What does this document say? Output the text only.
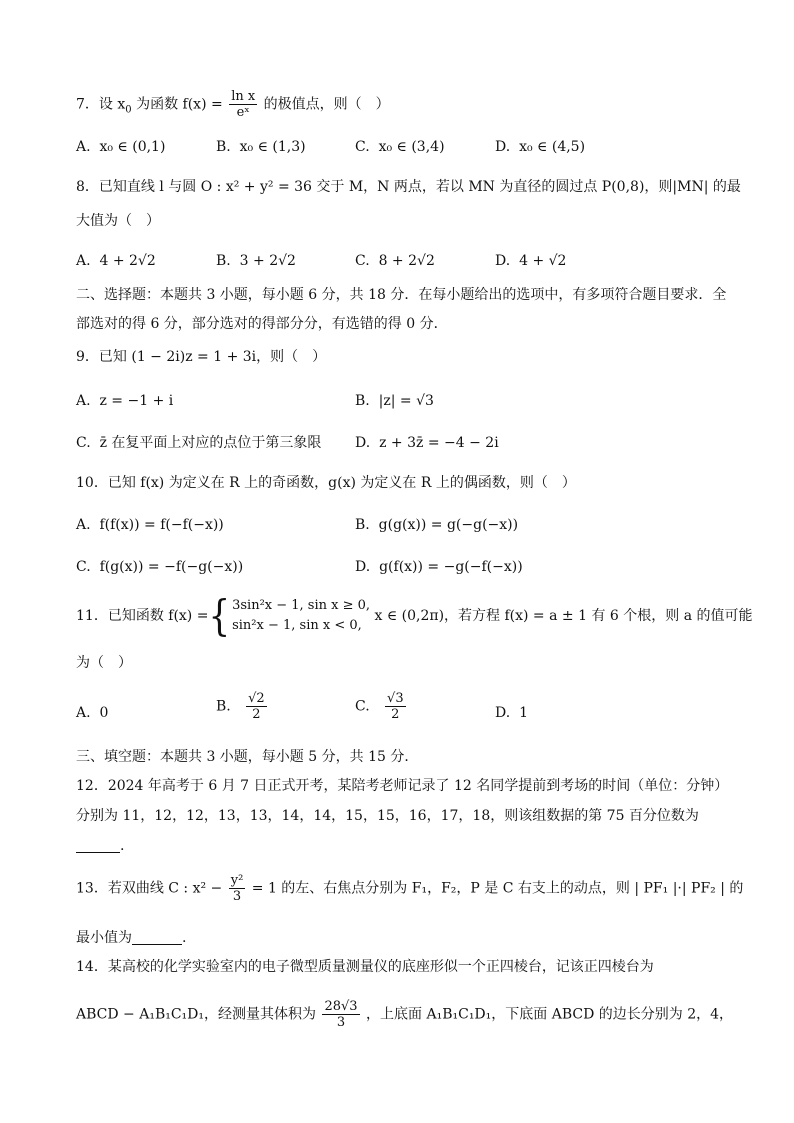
7．设 $x_0$ 为函数 $f(x) = \frac{\text{ln x}}{\text{eˣ}}$ 的极值点，则（　）
A. x₀ ∈ (0,1)	B. x₀ ∈ (1,3)	C. x₀ ∈ (3,4)	D. x₀ ∈ (4,5)
8．已知直线 l 与圆 O : x² + y² = 36 交于 M，N 两点，若以 MN 为直径的圆过点 P(0,8)，则|MN| 的最
大值为（　）
A. 4 + 2√2	B. 3 + 2√2	C. 8 + 2√2	D. 4 + √2
二、选择题：本题共 3 小题，每小题 6 分，共 18 分．在每小题给出的选项中，有多项符合题目要求．全
部选对的得 6 分，部分选对的得部分分，有选错的得 0 分．
9．已知 (1 − 2i)z = 1 + 3i，则（　）
A. z = −1 + i	B. |z| = √3
C. z̄ 在复平面上对应的点位于第三象限 D. z + 3z̄ = −4 − 2i
10．已知 f(x) 为定义在 R 上的奇函数，g(x) 为定义在 R 上的偶函数，则（　）
A. f(f(x)) = f(−f(−x))	B. g(g(x)) = g(−g(−x))
C. f(g(x)) = −f(−g(−x))	D. g(f(x)) = −g(−f(−x))
11．已知函数 f(x) ={ 3sin²x − 1, sin x ≥ 0,
sin²x − 1, sin x < 0,
x ∈ (0,2π)，若方程 f(x) = a ± 1 有 6 个根，则 a 的值可能
为（　）
A. 0	B. $\frac{√2}{2}$	C. $\frac{√3}{2}$	D. 1
三、填空题：本题共 3 小题，每小题 5 分，共 15 分．
12．2024 年高考于 6 月 7 日正式开考，某陪考老师记录了 12 名同学提前到考场的时间（单位：分钟）
分别为 11，12，12，13，13，14，14，15，15，16，17，18，则该组数据的第 75 百分位数为
.
13．若双曲线 C : $x^2 - \frac{\text{y²}}{3} = 1$ 的左、右焦点分别为 F₁，F₂，P 是 C 右支上的动点，则 | PF₁ |·| PF₂ | 的
最小值为	.
14．某高校的化学实验室内的电子微型质量测量仪的底座形似一个正四棱台，记该正四棱台为
ABCD − A₁B₁C₁D₁，经测量其体积为 $\frac{28√3}{3}$ ，上底面 A₁B₁C₁D₁，下底面 ABCD 的边长分别为 2，4，
